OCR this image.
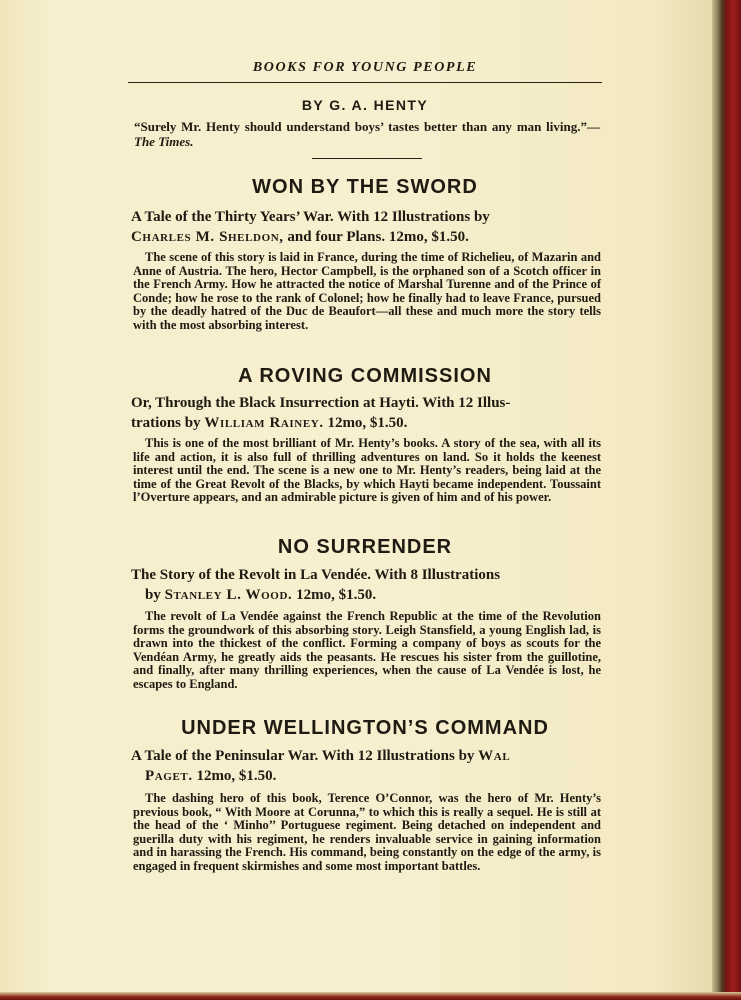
BOOKS FOR YOUNG PEOPLE
BY G. A. HENTY
“Surely Mr. Henty should understand boys’ tastes better than any man living.”—The Times.
WON BY THE SWORD
A Tale of the Thirty Years’ War. With 12 Illustrations by
Charles M. Sheldon, and four Plans. 12mo, $1.50.
The scene of this story is laid in France, during the time of Richelieu, of Mazarin and Anne of Austria. The hero, Hector Campbell, is the orphaned son of a Scotch officer in the French Army. How he attracted the notice of Marshal Turenne and of the Prince of Conde; how he rose to the rank of Colonel; how he finally had to leave France, pursued by the deadly hatred of the Duc de Beaufort—all these and much more the story tells with the most absorbing interest.
A ROVING COMMISSION
Or, Through the Black Insurrection at Hayti. With 12 Illus-
trations by William Rainey. 12mo, $1.50.
This is one of the most brilliant of Mr. Henty’s books. A story of the sea, with all its life and action, it is also full of thrilling adventures on land. So it holds the keenest interest until the end. The scene is a new one to Mr. Henty’s readers, being laid at the time of the Great Revolt of the Blacks, by which Hayti became independent. Toussaint l’Overture appears, and an admirable picture is given of him and of his power.
NO SURRENDER
The Story of the Revolt in La Vendée. With 8 Illustrations
by Stanley L. Wood. 12mo, $1.50.
The revolt of La Vendée against the French Republic at the time of the Revolution forms the groundwork of this absorbing story. Leigh Stansfield, a young English lad, is drawn into the thickest of the conflict. Forming a company of boys as scouts for the Vendéan Army, he greatly aids the peasants. He rescues his sister from the guillotine, and finally, after many thrilling experiences, when the cause of La Vendée is lost, he escapes to England.
UNDER WELLINGTON’S COMMAND
A Tale of the Peninsular War. With 12 Illustrations by Wal
Paget. 12mo, $1.50.
The dashing hero of this book, Terence O’Connor, was the hero of Mr. Henty’s previous book, “ With Moore at Corunna,” to which this is really a sequel. He is still at the head of the ‘ Minho’’ Portuguese regiment. Being detached on independent and guerilla duty with his regiment, he renders invaluable service in gaining information and in harassing the French. His command, being constantly on the edge of the army, is engaged in frequent skirmishes and some most important battles.
